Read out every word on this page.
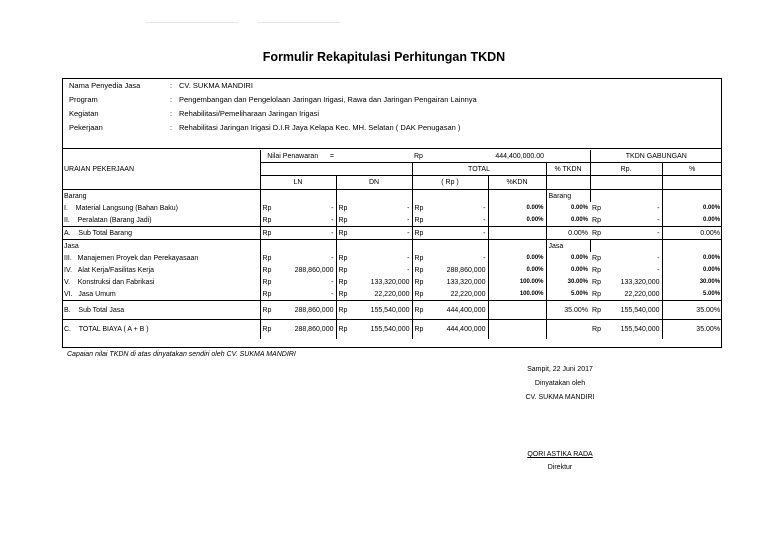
Formulir Rekapitulasi Perhitungan TKDN
Nama Penyedia Jasa	: CV. SUKMA MANDIRI
Program	: Pengembangan dan Pengelolaan Jaringan Irigasi, Rawa dan Jaringan Pengairan Lainnya
Kegiatan	: Rehabilitasi/Pemeliharaan Jaringan Irigasi
Pekerjaan	: Rehabilitasi Jaringan Irigasi D.I.R Jaya Kelapa Kec. MH. Selatan ( DAK Penugasan )
	Nilai Penawaran =				Rp	444,400,000.00			TKDN GABUNGAN		
URAIAN PEKERJAAN					TOTAL			% TKDN	Rp.		%
	LN		DN		( Rp )		%KDN				
Barang								Barang			
I. Material Langsung (Bahan Baku)	Rp	-	Rp	-	Rp	-	0.00%	0.00%	Rp	-	0.00%
II. Peralatan (Barang Jadi)	Rp	-	Rp	-	Rp	-	0.00%	0.00%	Rp	-	0.00%
A. Sub Total Barang	Rp	-	Rp	-	Rp	-		0.00%	Rp	-	0.00%
Jasa								Jasa			
III. Manajemen Proyek dan Perekayasaan	Rp	-	Rp	-	Rp	-	0.00%	0.00%	Rp	-	0.00%
IV. Alat Kerja/Fasilitas Kerja	Rp	288,860,000	Rp	-	Rp	288,860,000	0.00%	0.00%	Rp	-	0.00%
V. Konstruksi dan Fabrikasi	Rp	-	Rp	133,320,000	Rp	133,320,000	100.00%	30.00%	Rp	133,320,000	30.00%
VI. Jasa Umum	Rp	-	Rp	22,220,000	Rp	22,220,000	100.00%	5.00%	Rp	22,220,000	5.00%
B. Sub Total Jasa	Rp	288,860,000	Rp	155,540,000	Rp	444,400,000		35.00%	Rp	155,540,000	35.00%
C. TOTAL BIAYA ( A + B )	Rp	288,860,000	Rp	155,540,000	Rp	444,400,000			Rp	155,540,000	35.00%
Capaian nilai TKDN di atas dinyatakan sendiri oleh CV. SUKMA MANDIRI
Sampit, 22 Juni 2017
Dinyatakan oleh
CV. SUKMA MANDIRI
QORI ASTIKA RADA
Direktur
